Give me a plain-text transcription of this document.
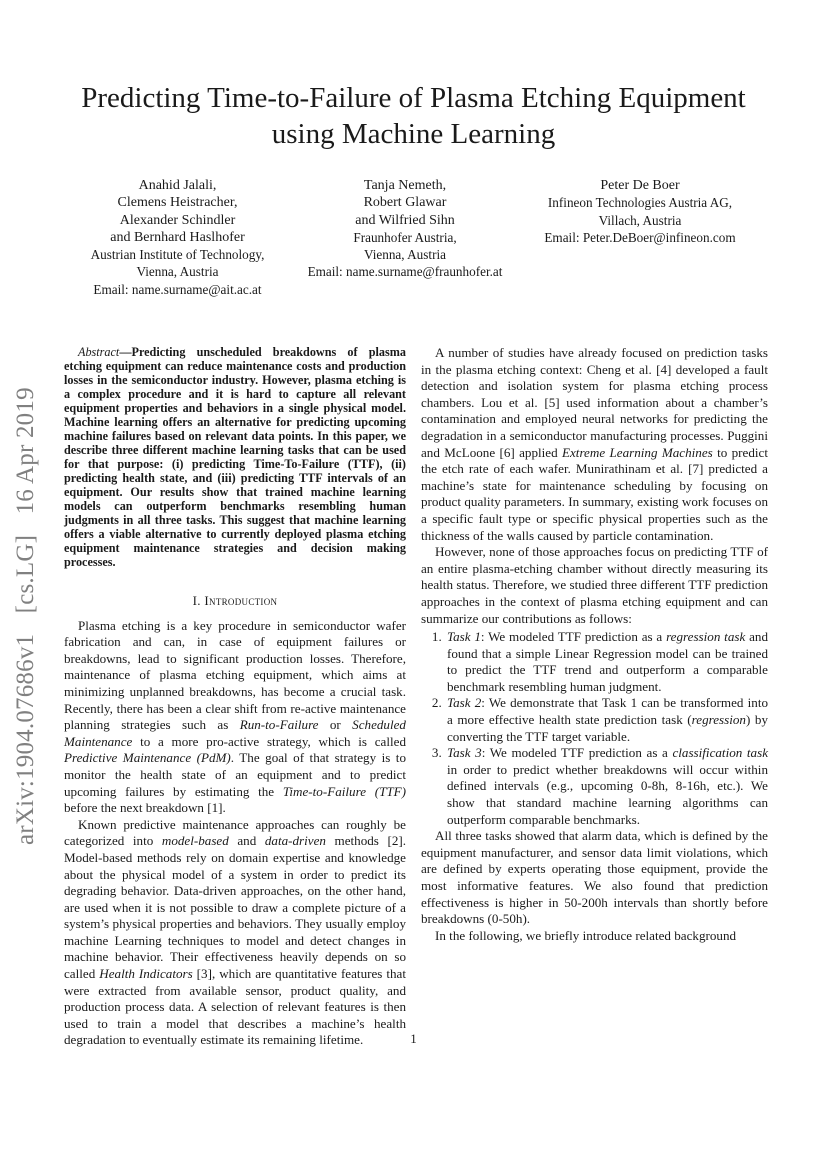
Predicting Time-to-Failure of Plasma Etching Equipment using Machine Learning
Anahid Jalali,
Clemens Heistracher,
Alexander Schindler
and Bernhard Haslhofer
Austrian Institute of Technology,
Vienna, Austria
Email: name.surname@ait.ac.at
Tanja Nemeth,
Robert Glawar
and Wilfried Sihn
Fraunhofer Austria,
Vienna, Austria
Email: name.surname@fraunhofer.at
Peter De Boer
Infineon Technologies Austria AG,
Villach, Austria
Email: Peter.DeBoer@infineon.com
arXiv:1904.07686v1 [cs.LG] 16 Apr 2019

Abstract—Predicting unscheduled breakdowns of plasma etching equipment can reduce maintenance costs and production losses in the semiconductor industry. However, plasma etching is a complex procedure and it is hard to capture all relevant equipment properties and behaviors in a single physical model. Machine learning offers an alternative for predicting upcoming machine failures based on relevant data points. In this paper, we describe three different machine learning tasks that can be used for that purpose: (i) predicting Time-To-Failure (TTF), (ii) predicting health state, and (iii) predicting TTF intervals of an equipment. Our results show that trained machine learning models can outperform benchmarks resembling human judgments in all three tasks. This suggest that machine learning offers a viable alternative to currently deployed plasma etching equipment maintenance strategies and decision making processes.

I. Introduction

Plasma etching is a key procedure in semiconductor wafer fabrication and can, in case of equipment failures or breakdowns, lead to significant production losses. Therefore, maintenance of plasma etching equipment, which aims at minimizing unplanned breakdowns, has become a crucial task. Recently, there has been a clear shift from re-active maintenance planning strategies such as Run-to-Failure or Scheduled Maintenance to a more pro-active strategy, which is called Predictive Maintenance (PdM). The goal of that strategy is to monitor the health state of an equipment and to predict upcoming failures by estimating the Time-to-Failure (TTF) before the next breakdown [1].

Known predictive maintenance approaches can roughly be categorized into model-based and data-driven methods [2]. Model-based methods rely on domain expertise and knowledge about the physical model of a system in order to predict its degrading behavior. Data-driven approaches, on the other hand, are used when it is not possible to draw a complete picture of a system’s physical properties and behaviors. They usually employ machine Learning techniques to model and detect changes in machine behavior. Their effectiveness heavily depends on so called Health Indicators [3], which are quantitative features that were extracted from available sensor, product quality, and production process data. A selection of relevant features is then used to train a model that describes a machine’s health degradation to eventually estimate its remaining lifetime.

A number of studies have already focused on prediction tasks in the plasma etching context: Cheng et al. [4] developed a fault detection and isolation system for plasma etching process chambers. Lou et al. [5] used information about a chamber’s contamination and employed neural networks for predicting the degradation in a semiconductor manufacturing processes. Puggini and McLoone [6] applied Extreme Learning Machines to predict the etch rate of each wafer. Munirathinam et al. [7] predicted a machine’s state for maintenance scheduling by focusing on product quality parameters. In summary, existing work focuses on a specific fault type or specific physical properties such as the thickness of the walls caused by particle contamination.

However, none of those approaches focus on predicting TTF of an entire plasma-etching chamber without directly measuring its health status. Therefore, we studied three different TTF prediction approaches in the context of plasma etching equipment and can summarize our contributions as follows:

1. Task 1: We modeled TTF prediction as a regression task and found that a simple Linear Regression model can be trained to predict the TTF trend and outperform a comparable benchmark resembling human judgment.
2. Task 2: We demonstrate that Task 1 can be transformed into a more effective health state prediction task (regression) by converting the TTF target variable.
3. Task 3: We modeled TTF prediction as a classification task in order to predict whether breakdowns will occur within defined intervals (e.g., upcoming 0-8h, 8-16h, etc.). We show that standard machine learning algorithms can outperform comparable benchmarks.

All three tasks showed that alarm data, which is defined by the equipment manufacturer, and sensor data limit violations, which are defined by experts operating those equipment, provide the most informative features. We also found that prediction effectiveness is higher in 50-200h intervals than shortly before breakdowns (0-50h).

In the following, we briefly introduce related background

1
